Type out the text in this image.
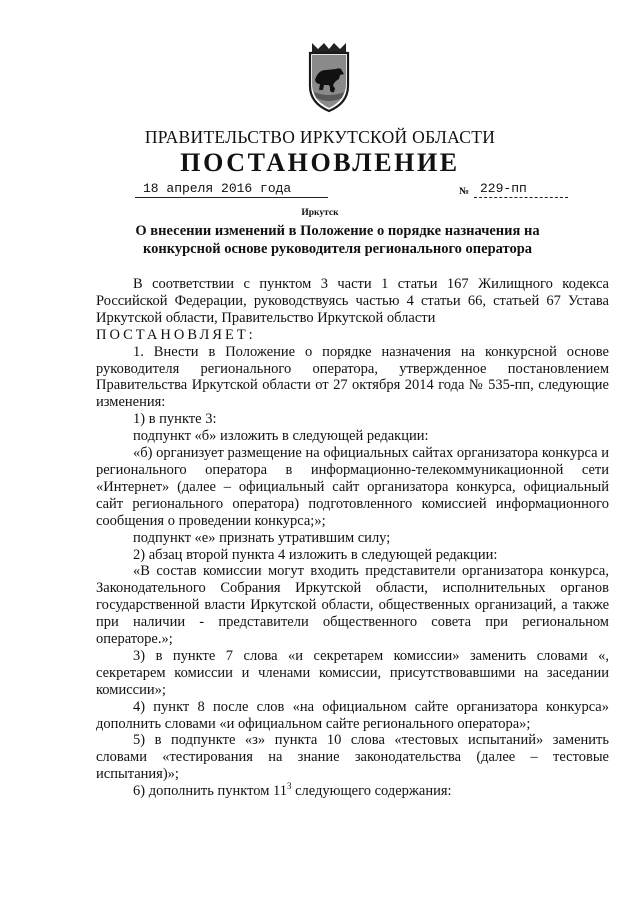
ПРАВИТЕЛЬСТВО ИРКУТСКОЙ ОБЛАСТИ
ПОСТАНОВЛЕНИЕ
18 апреля 2016 года	№ 229-пп
Иркутск
О внесении изменений в Положение о порядке назначения на
конкурсной основе руководителя регионального оператора

В соответствии с пунктом 3 части 1 статьи 167 Жилищного кодекса Российской Федерации, руководствуясь частью 4 статьи 66, статьей 67 Устава Иркутской области, Правительство Иркутской области

ПОСТАНОВЛЯЕТ:

1. Внести в Положение о порядке назначения на конкурсной основе руководителя регионального оператора, утвержденное постановлением Правительства Иркутской области от 27 октября 2014 года № 535-пп, следующие изменения:

1) в пункте 3:

подпункт «б» изложить в следующей редакции:

«б) организует размещение на официальных сайтах организатора конкурса и регионального оператора в информационно-телекоммуникационной сети «Интернет» (далее – официальный сайт организатора конкурса, официальный сайт регионального оператора) подготовленного комиссией информационного сообщения о проведении конкурса;»;

подпункт «е» признать утратившим силу;

2) абзац второй пункта 4 изложить в следующей редакции:

«В состав комиссии могут входить представители организатора конкурса, Законодательного Собрания Иркутской области, исполнительных органов государственной власти Иркутской области, общественных организаций, а также при наличии - представители общественного совета при региональном операторе.»;

3) в пункте 7 слова «и секретарем комиссии» заменить словами «, секретарем комиссии и членами комиссии, присутствовавшими на заседании комиссии»;

4) пункт 8 после слов «на официальном сайте организатора конкурса» дополнить словами «и официальном сайте регионального оператора»;

5) в подпункте «з» пункта 10 слова «тестовых испытаний» заменить словами «тестирования на знание законодательства (далее – тестовые испытания)»;

6) дополнить пунктом $11^3$ следующего содержания:
